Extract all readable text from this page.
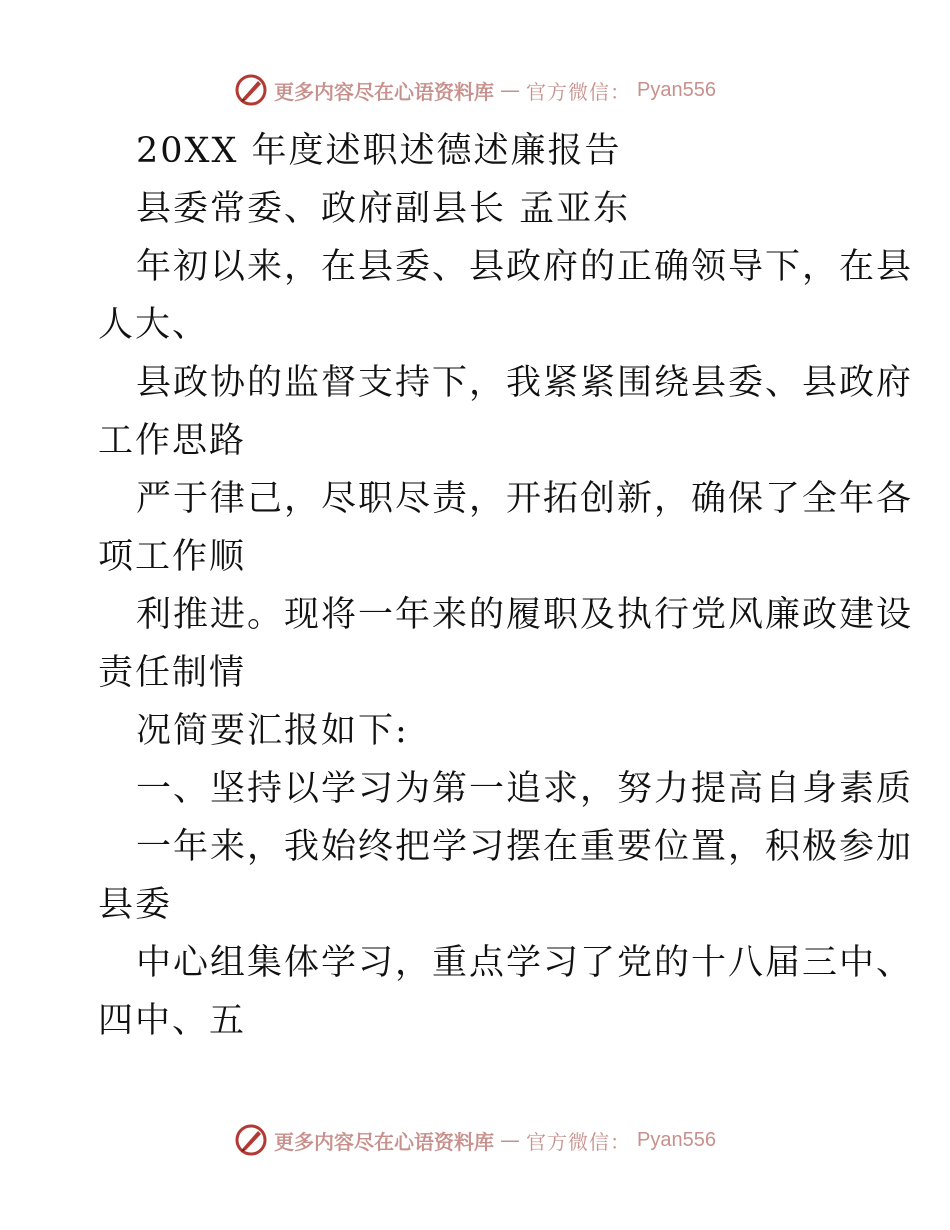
更多内容尽在心语资料库 — 官方微信： Pyan556
20XX 年度述职述德述廉报告
县委常委、政府副县长 孟亚东
年初以来，在县委、县政府的正确领导下，在县
人大、
县政协的监督支持下，我紧紧围绕县委、县政府
工作思路
严于律己，尽职尽责，开拓创新，确保了全年各
项工作顺
利推进。现将一年来的履职及执行党风廉政建设
责任制情
况简要汇报如下:
一、坚持以学习为第一追求，努力提高自身素质
一年来，我始终把学习摆在重要位置，积极参加
县委
中心组集体学习，重点学习了党的十八届三中、
四中、五
更多内容尽在心语资料库 — 官方微信： Pyan556
